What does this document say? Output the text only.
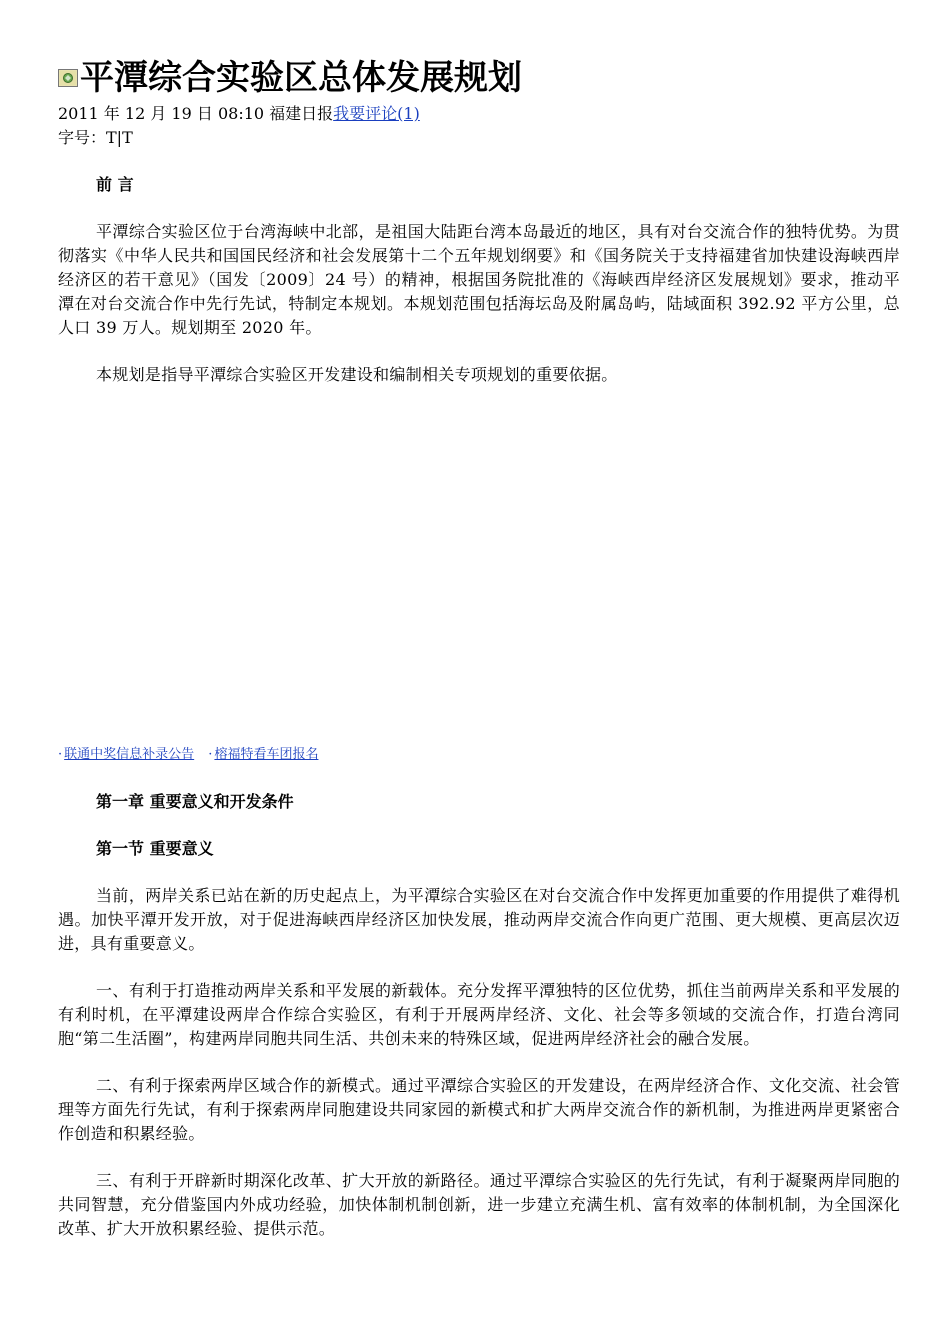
平潭综合实验区总体发展规划
2011 年 12 月 19 日 08:10 福建日报我要评论(1)
字号：T|T
前 言

平潭综合实验区位于台湾海峡中北部，是祖国大陆距台湾本岛最近的地区，具有对台交流合作的独特优势。为贯彻落实《中华人民共和国国民经济和社会发展第十二个五年规划纲要》和《国务院关于支持福建省加快建设海峡西岸经济区的若干意见》（国发〔2009〕24 号）的精神，根据国务院批准的《海峡西岸经济区发展规划》要求，推动平潭在对台交流合作中先行先试，特制定本规划。本规划范围包括海坛岛及附属岛屿，陆域面积 392.92 平方公里，总人口 39 万人。规划期至 2020 年。

本规划是指导平潭综合实验区开发建设和编制相关专项规划的重要依据。

· 联通中奖信息补录公告 · 榕福特看车团报名
第一章 重要意义和开发条件
第一节 重要意义

当前，两岸关系已站在新的历史起点上，为平潭综合实验区在对台交流合作中发挥更加重要的作用提供了难得机遇。加快平潭开发开放，对于促进海峡西岸经济区加快发展，推动两岸交流合作向更广范围、更大规模、更高层次迈进，具有重要意义。

一、有利于打造推动两岸关系和平发展的新载体。充分发挥平潭独特的区位优势，抓住当前两岸关系和平发展的有利时机，在平潭建设两岸合作综合实验区，有利于开展两岸经济、文化、社会等多领域的交流合作，打造台湾同胞“第二生活圈”，构建两岸同胞共同生活、共创未来的特殊区域，促进两岸经济社会的融合发展。

二、有利于探索两岸区域合作的新模式。通过平潭综合实验区的开发建设，在两岸经济合作、文化交流、社会管理等方面先行先试，有利于探索两岸同胞建设共同家园的新模式和扩大两岸交流合作的新机制，为推进两岸更紧密合作创造和积累经验。

三、有利于开辟新时期深化改革、扩大开放的新路径。通过平潭综合实验区的先行先试，有利于凝聚两岸同胞的共同智慧，充分借鉴国内外成功经验，加快体制机制创新，进一步建立充满生机、富有效率的体制机制，为全国深化改革、扩大开放积累经验、提供示范。
